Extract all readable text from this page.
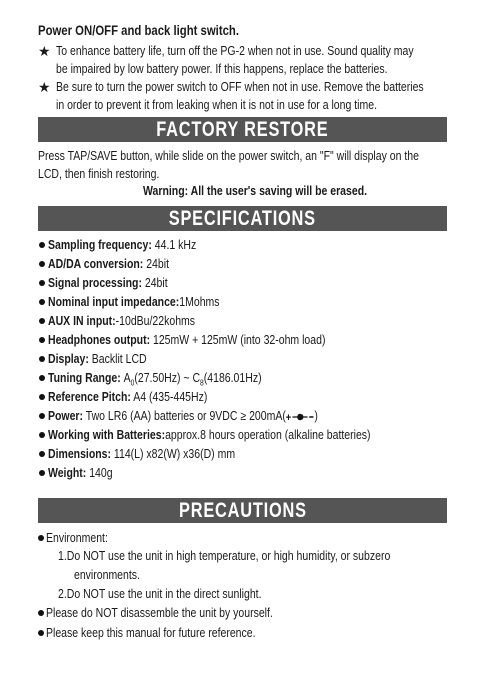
Power ON/OFF and back light switch.
★ To enhance battery life, turn off the PG-2 when not in use. Sound quality may
be impaired by low battery power. If this happens, replace the batteries.
★ Be sure to turn the power switch to OFF when not in use. Remove the batteries
in order to prevent it from leaking when it is not in use for a long time.
FACTORY RESTORE
Press TAP/SAVE button, while slide on the power switch, an "F" will display on the
LCD, then finish restoring.
Warning: All the user's saving will be erased.
SPECIFICATIONS
Sampling frequency: 44.1 kHz
AD/DA conversion: 24bit
Signal processing: 24bit
Nominal input impedance:1Mohms
AUX IN input:-10dBu/22kohms
Headphones output: 125mW + 125mW (into 32-ohm load)
Display: Backlit LCD
Tuning Range: $A_0(27.50Hz)$ ~ $C_8(4186.01Hz)$
Reference Pitch: A4 (435-445Hz)
Power: Two LR6 (AA) batteries or 9VDC ≥ 200mA( + )
Working with Batteries:approx.8 hours operation (alkaline batteries)
Dimensions: 114(L) x82(W) x36(D) mm
Weight: 140g
PRECAUTIONS
Environment:
1.Do NOT use the unit in high temperature, or high humidity, or subzero
environments.
2.Do NOT use the unit in the direct sunlight.
Please do NOT disassemble the unit by yourself.
Please keep this manual for future reference.
